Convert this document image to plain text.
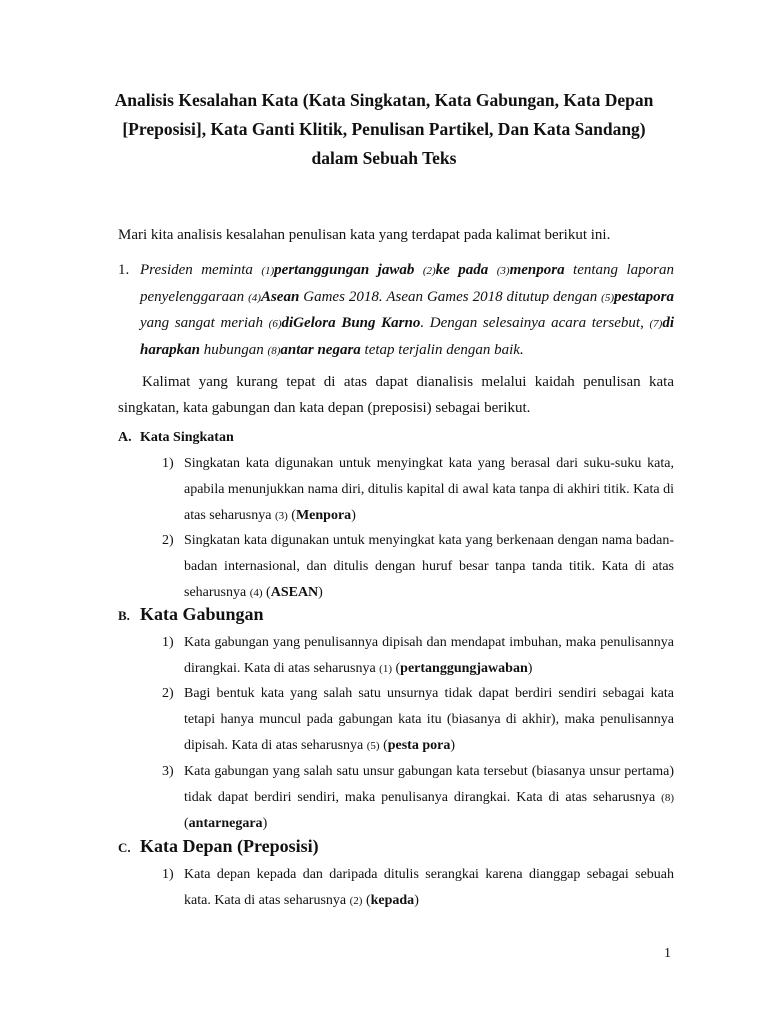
Analisis Kesalahan Kata (Kata Singkatan, Kata Gabungan, Kata Depan
[Preposisi], Kata Ganti Klitik, Penulisan Partikel, Dan Kata Sandang)
dalam Sebuah Teks
Mari kita analisis kesalahan penulisan kata yang terdapat pada kalimat berikut ini.
1. Presiden meminta (1)pertanggungan jawab (2)ke pada (3)menpora tentang laporan penyelenggaraan (4)Asean Games 2018. Asean Games 2018 ditutup dengan (5)pestapora yang sangat meriah (6)diGelora Bung Karno. Dengan selesainya acara tersebut, (7)di harapkan hubungan (8)antar negara tetap terjalin dengan baik.
Kalimat yang kurang tepat di atas dapat dianalisis melalui kaidah penulisan kata singkatan, kata gabungan dan kata depan (preposisi) sebagai berikut.
A. Kata Singkatan
1) Singkatan kata digunakan untuk menyingkat kata yang berasal dari suku-suku kata, apabila menunjukkan nama diri, ditulis kapital di awal kata tanpa di akhiri titik. Kata di atas seharusnya (3) (Menpora)
2) Singkatan kata digunakan untuk menyingkat kata yang berkenaan dengan nama badan-badan internasional, dan ditulis dengan huruf besar tanpa tanda titik. Kata di atas seharusnya (4) (ASEAN)
B. Kata Gabungan
1) Kata gabungan yang penulisannya dipisah dan mendapat imbuhan, maka penulisannya dirangkai. Kata di atas seharusnya (1) (pertanggungjawaban)
2) Bagi bentuk kata yang salah satu unsurnya tidak dapat berdiri sendiri sebagai kata tetapi hanya muncul pada gabungan kata itu (biasanya di akhir), maka penulisannya dipisah. Kata di atas seharusnya (5) (pesta pora)
3) Kata gabungan yang salah satu unsur gabungan kata tersebut (biasanya unsur pertama) tidak dapat berdiri sendiri, maka penulisanya dirangkai. Kata di atas seharusnya (8) (antarnegara)
C. Kata Depan (Preposisi)
1) Kata depan kepada dan daripada ditulis serangkai karena dianggap sebagai sebuah kata. Kata di atas seharusnya (2) (kepada)
1
